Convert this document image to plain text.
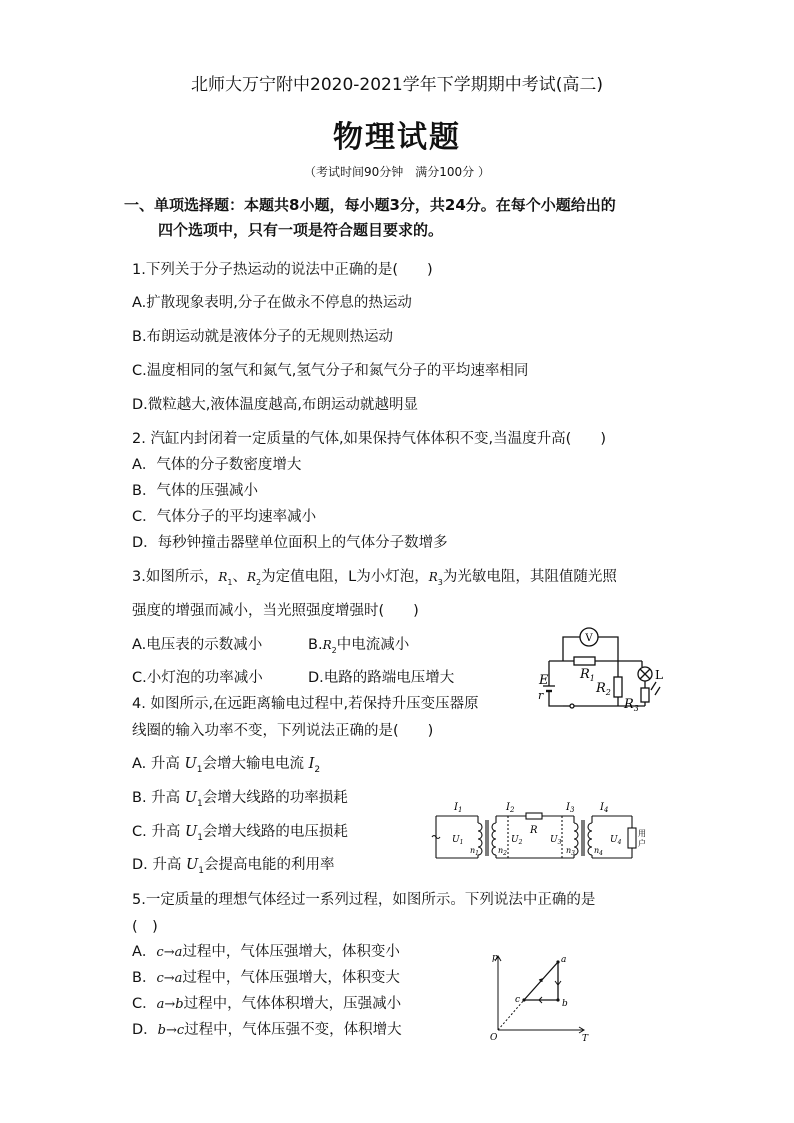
北师大万宁附中2020-2021学年下学期期中考试(高二)
物理试题
（考试时间90分钟　满分100分 ）
一、单项选择题：本题共8小题，每小题3分，共24分。在每个小题给出的
四个选项中，只有一项是符合题目要求的。
1.下列关于分子热运动的说法中正确的是(　　)
A.扩散现象表明,分子在做永不停息的热运动
B.布朗运动就是液体分子的无规则热运动
C.温度相同的氢气和氮气,氢气分子和氮气分子的平均速率相同
D.微粒越大,液体温度越高,布朗运动就越明显
2. 汽缸内封闭着一定质量的气体,如果保持气体体积不变,当温度升高(　　)
A．气体的分子数密度增大
B．气体的压强减小
C．气体分子的平均速率减小
D．每秒钟撞击器壁单位面积上的气体分子数增多
3.如图所示，$R_1$、$R_2$为定值电阻，L为小灯泡，$R_3$为光敏电阻，其阻值随光照
强度的增强而减小，当光照强度增强时(　　)
A.电压表的示数减小	$B.R_2$中电流减小
C.小灯泡的功率减小	D.电路的路端电压增大
V
$R_1$
$R_2$
$R_3$
L
E
r
4. 如图所示,在远距离输电过程中,若保持升压变压器原
线圈的输入功率不变，下列说法正确的是(　　)
A. 升高 $U_1$会增大输电电流 $I_2$
B. 升高 $U_1$会增大线路的功率损耗
C. 升高 $U_1$会增大线路的电压损耗
D. 升高 $U_1$会提高电能的利用率
$I_1$	$I_2$	$I_3$	$I_4$
R
$U_1$	$U_2$	$U_3$	$U_4$
$n_1$ $n_2$	$n_3$ $n_4$
用
户
5.一定质量的理想气体经过一系列过程，如图所示。下列说法中正确的是
(　)
A．c→a过程中，气体压强增大，体积变小
B．c→a过程中，气体压强增大，体积变大
C．a→b过程中，气体体积增大，压强减小
D．b→c过程中，气体压强不变，体积增大
p
T
O
a
b
c
